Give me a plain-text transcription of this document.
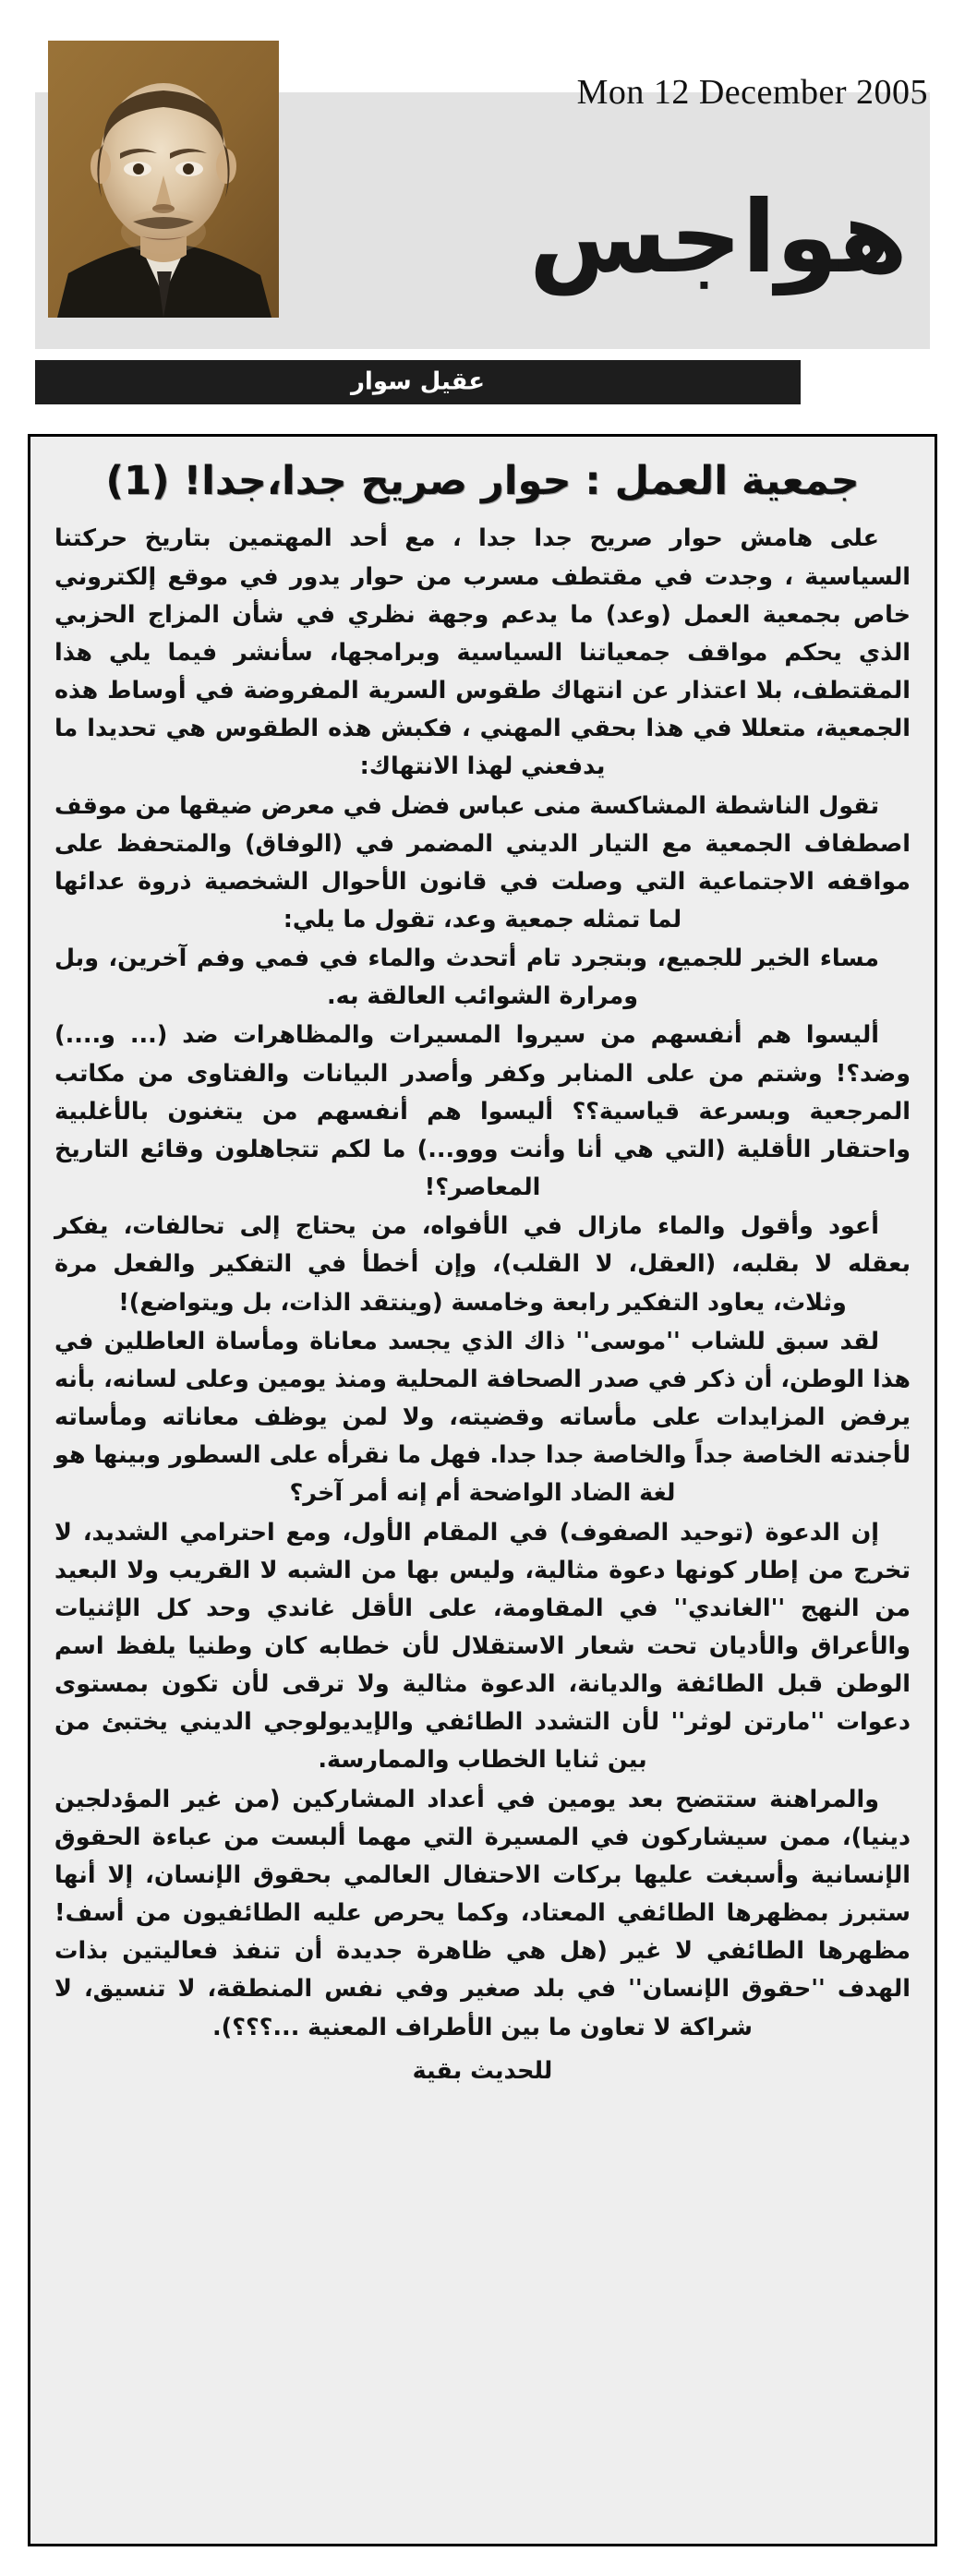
هواجس
Mon 12 December 2005
عقيل سوار
جمعية العمل : حوار صريح جدا،جدا! (1)

على هامش حوار صريح جدا جدا ، مع أحد المهتمين بتاريخ حركتنا السياسية ، وجدت في مقتطف مسرب من حوار يدور في موقع إلكتروني خاص بجمعية العمل (وعد) ما يدعم وجهة نظري في شأن المزاج الحزبي الذي يحكم مواقف جمعياتنا السياسية وبرامجها، سأنشر فيما يلي هذا المقتطف، بلا اعتذار عن انتهاك طقوس السرية المفروضة في أوساط هذه الجمعية، متعللا في هذا بحقي المهني ، فكبش هذه الطقوس هي تحديدا ما يدفعني لهذا الانتهاك:

تقول الناشطة المشاكسة منى عباس فضل في معرض ضيقها من موقف اصطفاف الجمعية مع التيار الديني المضمر في (الوفاق) والمتحفظ على مواقفه الاجتماعية التي وصلت في قانون الأحوال الشخصية ذروة عدائها لما تمثله جمعية وعد، تقول ما يلي:

مساء الخير للجميع، وبتجرد تام أتحدث والماء في فمي وفم آخرين، وبل ومرارة الشوائب العالقة به.

أليسوا هم أنفسهم من سيروا المسيرات والمظاهرات ضد (... و....) وضد؟! وشتم من على المنابر وكفر وأصدر البيانات والفتاوى من مكاتب المرجعية وبسرعة قياسية؟؟ أليسوا هم أنفسهم من يتغنون بالأغلبية واحتقار الأقلية (التي هي أنا وأنت ووو...) ما لكم تتجاهلون وقائع التاريخ المعاصر؟!

أعود وأقول والماء مازال في الأفواه، من يحتاج إلى تحالفات، يفكر بعقله لا بقلبه، (العقل، لا القلب)، وإن أخطأ في التفكير والفعل مرة وثلاث، يعاود التفكير رابعة وخامسة (وينتقد الذات، بل ويتواضع)!

لقد سبق للشاب ''موسى'' ذاك الذي يجسد معاناة ومأساة العاطلين في هذا الوطن، أن ذكر في صدر الصحافة المحلية ومنذ يومين وعلى لسانه، بأنه يرفض المزايدات على مأساته وقضيته، ولا لمن يوظف معاناته ومأساته لأجندته الخاصة جداً والخاصة جدا جدا. فهل ما نقرأه على السطور وبينها هو لغة الضاد الواضحة أم إنه أمر آخر؟

إن الدعوة (توحيد الصفوف) في المقام الأول، ومع احترامي الشديد، لا تخرج من إطار كونها دعوة مثالية، وليس بها من الشبه لا القريب ولا البعيد من النهج ''الغاندي'' في المقاومة، على الأقل غاندي وحد كل الإثنيات والأعراق والأديان تحت شعار الاستقلال لأن خطابه كان وطنيا يلفظ اسم الوطن قبل الطائفة والديانة، الدعوة مثالية ولا ترقى لأن تكون بمستوى دعوات ''مارتن لوثر'' لأن التشدد الطائفي والإيديولوجي الديني يختبئ من بين ثنايا الخطاب والممارسة.

والمراهنة ستتضح بعد يومين في أعداد المشاركين (من غير المؤدلجين دينيا)، ممن سيشاركون في المسيرة التي مهما ألبست من عباءة الحقوق الإنسانية وأسبغت عليها بركات الاحتفال العالمي بحقوق الإنسان، إلا أنها ستبرز بمظهرها الطائفي المعتاد، وكما يحرص عليه الطائفيون من أسف! مظهرها الطائفي لا غير (هل هي ظاهرة جديدة أن تنفذ فعاليتين بذات الهدف ''حقوق الإنسان'' في بلد صغير وفي نفس المنطقة، لا تنسيق، لا شراكة لا تعاون ما بين الأطراف المعنية ...؟؟؟).

للحديث بقية
